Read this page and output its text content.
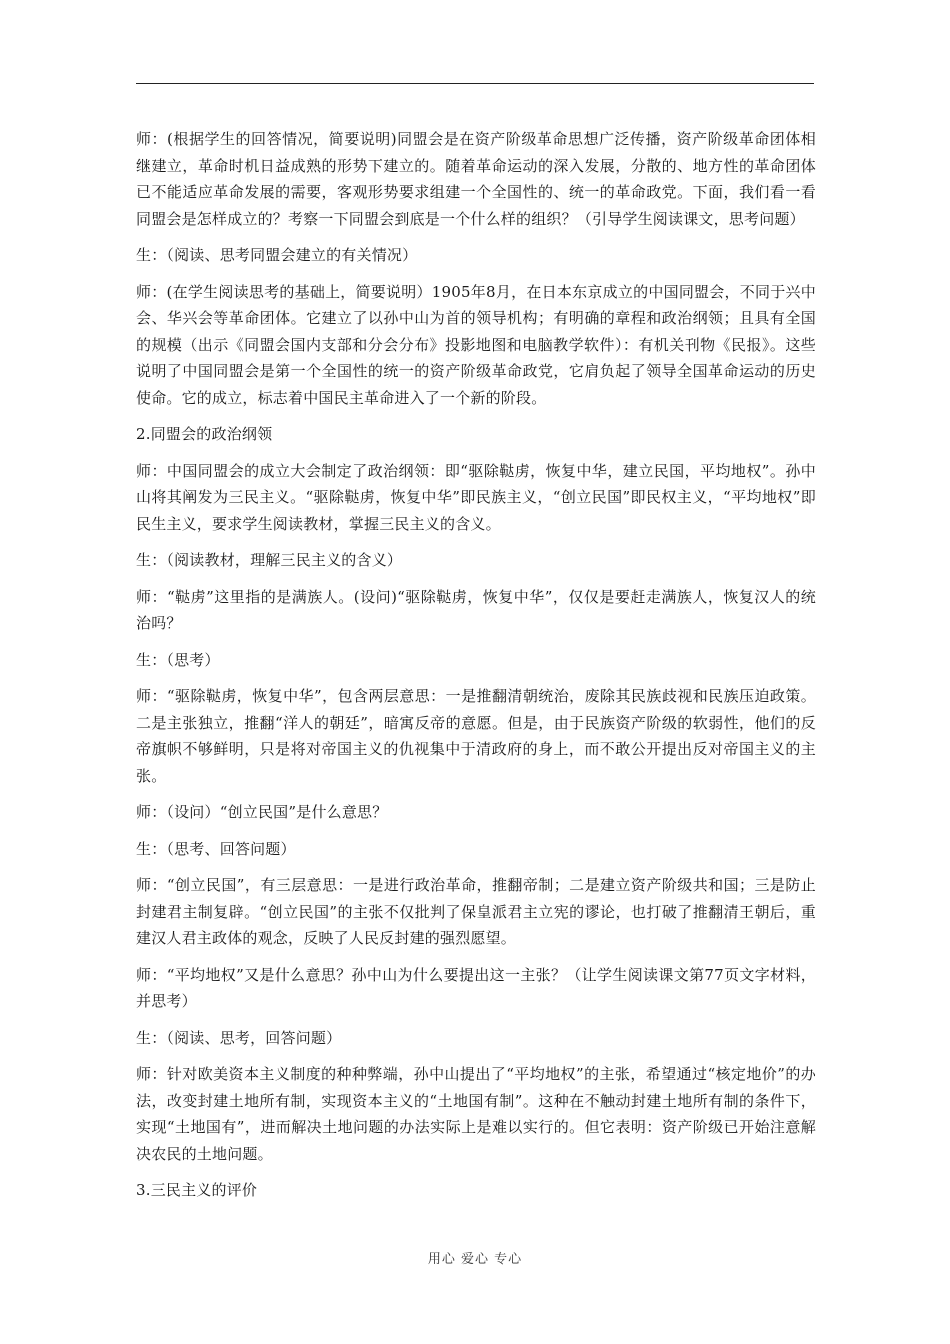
师：(根据学生的回答情况，简要说明)同盟会是在资产阶级革命思想广泛传播，资产阶级革命团体相继建立，革命时机日益成熟的形势下建立的。随着革命运动的深入发展，分散的、地方性的革命团体已不能适应革命发展的需要，客观形势要求组建一个全国性的、统一的革命政党。下面，我们看一看同盟会是怎样成立的？考察一下同盟会到底是一个什么样的组织？（引导学生阅读课文，思考问题）

生：（阅读、思考同盟会建立的有关情况）

师：(在学生阅读思考的基础上，简要说明）1905年8月，在日本东京成立的中国同盟会，不同于兴中会、华兴会等革命团体。它建立了以孙中山为首的领导机构；有明确的章程和政治纲领；且具有全国的规模（出示《同盟会国内支部和分会分布》投影地图和电脑教学软件）：有机关刊物《民报》。这些说明了中国同盟会是第一个全国性的统一的资产阶级革命政党，它肩负起了领导全国革命运动的历史使命。它的成立，标志着中国民主革命进入了一个新的阶段。

2.同盟会的政治纲领

师：中国同盟会的成立大会制定了政治纲领：即“驱除鞑虏，恢复中华，建立民国，平均地权”。孙中山将其阐发为三民主义。“驱除鞑虏，恢复中华”即民族主义，“创立民国”即民权主义，“平均地权”即民生主义，要求学生阅读教材，掌握三民主义的含义。

生：（阅读教材，理解三民主义的含义）

师：“鞑虏”这里指的是满族人。(设问)“驱除鞑虏，恢复中华”，仅仅是要赶走满族人，恢复汉人的统治吗？

生：（思考）

师：“驱除鞑虏，恢复中华”，包含两层意思：一是推翻清朝统治，废除其民族歧视和民族压迫政策。二是主张独立，推翻“洋人的朝廷”，暗寓反帝的意愿。但是，由于民族资产阶级的软弱性，他们的反帝旗帜不够鲜明，只是将对帝国主义的仇视集中于清政府的身上，而不敢公开提出反对帝国主义的主张。

师：（设问）“创立民国”是什么意思？

生：（思考、回答问题）

师：“创立民国”，有三层意思：一是进行政治革命，推翻帝制；二是建立资产阶级共和国；三是防止封建君主制复辟。“创立民国”的主张不仅批判了保皇派君主立宪的谬论，也打破了推翻清王朝后，重建汉人君主政体的观念，反映了人民反封建的强烈愿望。

师：“平均地权”又是什么意思？孙中山为什么要提出这一主张？（让学生阅读课文第77页文字材料，并思考）

生：（阅读、思考，回答问题）

师：针对欧美资本主义制度的种种弊端，孙中山提出了“平均地权”的主张，希望通过“核定地价”的办法，改变封建土地所有制，实现资本主义的“土地国有制”。这种在不触动封建土地所有制的条件下，实现“土地国有”，进而解决土地问题的办法实际上是难以实行的。但它表明：资产阶级已开始注意解决农民的土地问题。

3.三民主义的评价

用心 爱心 专心
